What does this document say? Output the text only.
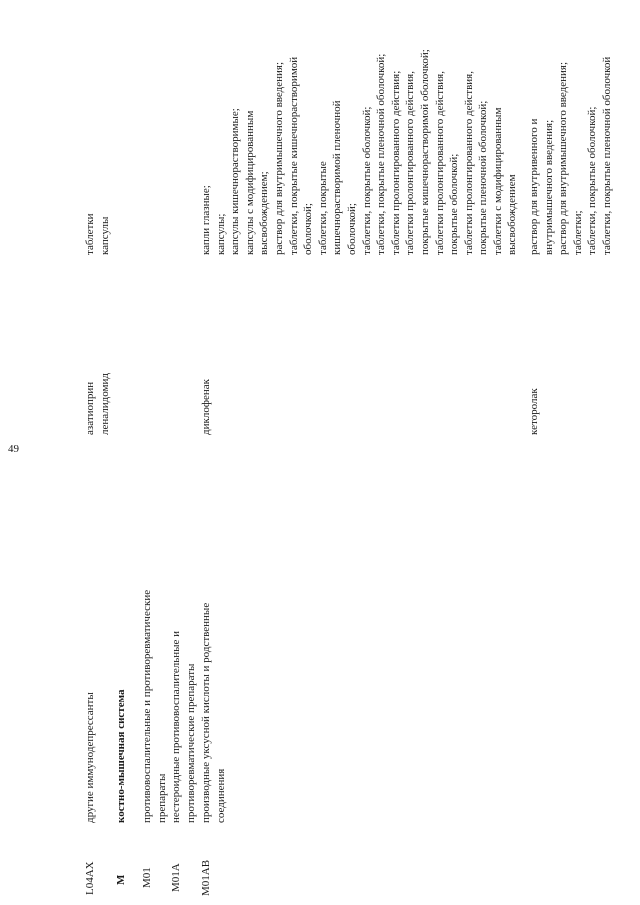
49
L04AX
другие иммунодепрессанты
азатиоприн
таблетки
леналидомид
капсулы
M
костно-мышечная система
M01
противовоспалительные и противоревматические препараты
M01A
нестероидные противовоспалительные и противоревматические препараты
M01AB
производные уксусной кислоты и родственные соединения
диклофенак
капли глазные; капсулы; капсулы кишечнорастворимые; капсулы с модифицированным высвобождением; раствор для внутримышечного введения; таблетки, покрытые кишечнорастворимой оболочкой; таблетки, покрытые кишечнорастворимой пленочной оболочкой; таблетки, покрытые оболочкой; таблетки, покрытые пленочной оболочкой; таблетки пролонгированного действия; таблетки пролонгированного действия, покрытые кишечнорастворимой оболочкой; таблетки пролонгированного действия, покрытые оболочкой; таблетки пролонгированного действия, покрытые пленочной оболочкой; таблетки с модифицированным высвобождением
кеторолак
раствор для внутривенного и внутримышечного введения; раствор для внутримышечного введения; таблетки; таблетки, покрытые оболочкой; таблетки, покрытые пленочной оболочкой
